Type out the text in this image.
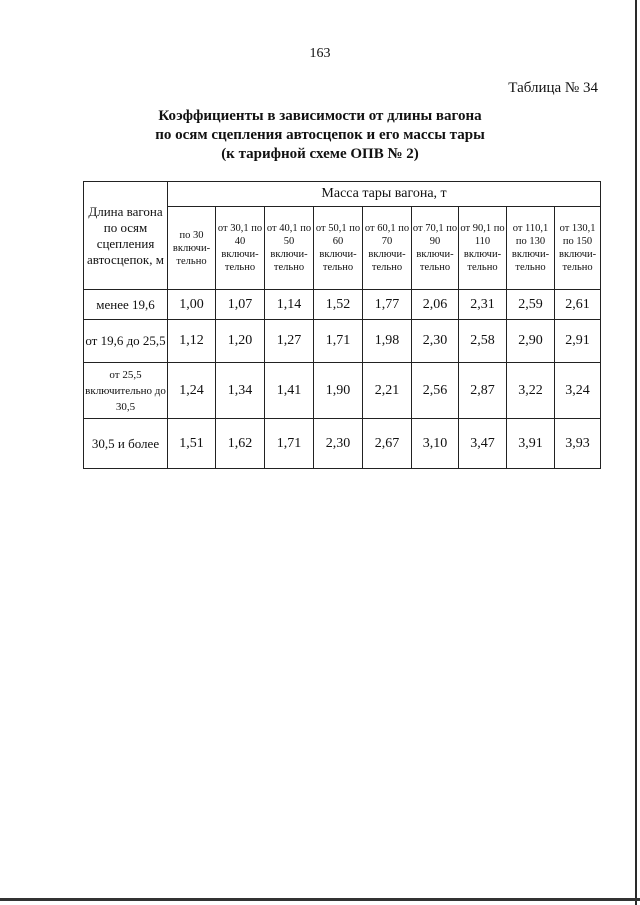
163
Таблица № 34
Коэффициенты в зависимости от длины вагона
по осям сцепления автосцепок и его массы тары
(к тарифной схеме ОПВ № 2)
Длина вагона по осям сцепления автосцепок, м	Масса тары вагона, т								
	по 30 включи-тельно	от 30,1 по 40 включи-тельно	от 40,1 по 50 включи-тельно	от 50,1 по 60 включи-тельно	от 60,1 по 70 включи-тельно	от 70,1 по 90 включи-тельно	от 90,1 по 110 включи-тельно	от 110,1 по 130 включи-тельно	от 130,1 по 150 включи-тельно
менее 19,6	1,00	1,07	1,14	1,52	1,77	2,06	2,31	2,59	2,61
от 19,6 до 25,5	1,12	1,20	1,27	1,71	1,98	2,30	2,58	2,90	2,91
от 25,5 включительно до 30,5	1,24	1,34	1,41	1,90	2,21	2,56	2,87	3,22	3,24
30,5 и более	1,51	1,62	1,71	2,30	2,67	3,10	3,47	3,91	3,93
